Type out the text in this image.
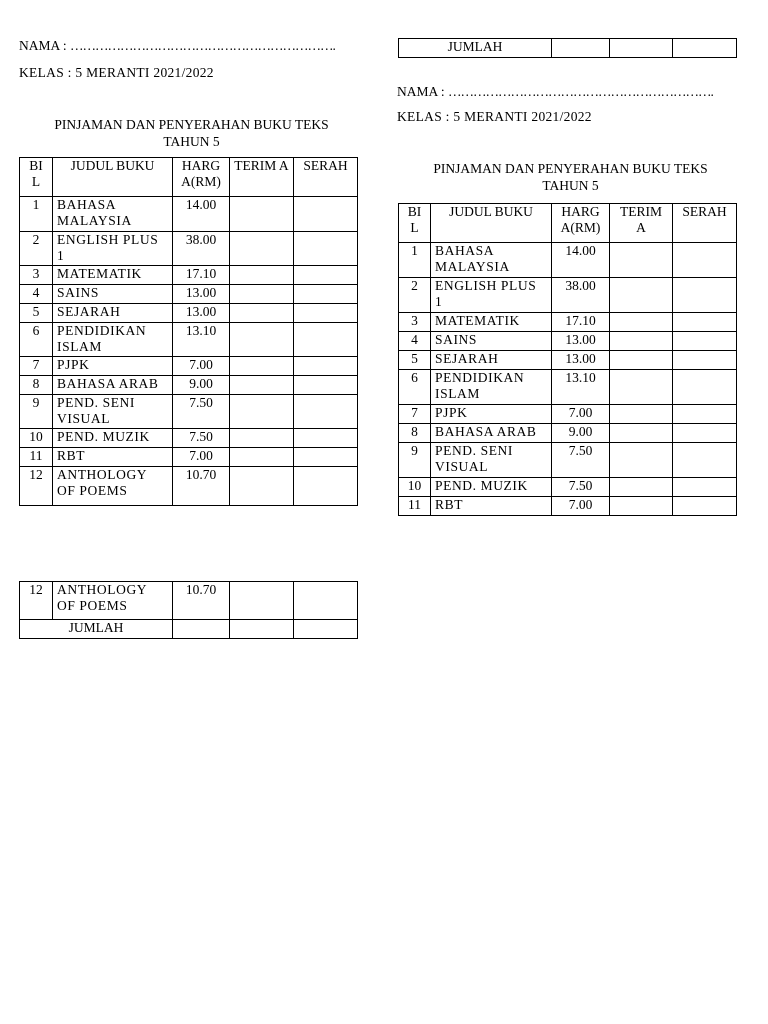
NAMA : ……………………………………………………….
KELAS : 5 MERANTI 2021/2022
PINJAMAN DAN PENYERAHAN BUKU TEKS
TAHUN 5
BI L	JUDUL BUKU	HARG A(RM)	TERIM A	SERAH
1	BAHASA MALAYSIA	14.00		
2	ENGLISH PLUS 1	38.00		
3	MATEMATIK	17.10		
4	SAINS	13.00		
5	SEJARAH	13.00		
6	PENDIDIKAN ISLAM	13.10		
7	PJPK	7.00		
8	BAHASA ARAB	9.00		
9	PEND. SENI VISUAL	7.50		
10	PEND. MUZIK	7.50		
11	RBT	7.00		
12	ANTHOLOGY OF POEMS	10.70		
12	ANTHOLOGY OF POEMS	10.70		
JUMLAH				
JUMLAH			
NAMA : ……………………………………………………….
KELAS : 5 MERANTI 2021/2022
PINJAMAN DAN PENYERAHAN BUKU TEKS
TAHUN 5
BI L	JUDUL BUKU	HARG A(RM)	TERIM A	SERAH
1	BAHASA MALAYSIA	14.00		
2	ENGLISH PLUS 1	38.00		
3	MATEMATIK	17.10		
4	SAINS	13.00		
5	SEJARAH	13.00		
6	PENDIDIKAN ISLAM	13.10		
7	PJPK	7.00		
8	BAHASA ARAB	9.00		
9	PEND. SENI VISUAL	7.50		
10	PEND. MUZIK	7.50		
11	RBT	7.00		
